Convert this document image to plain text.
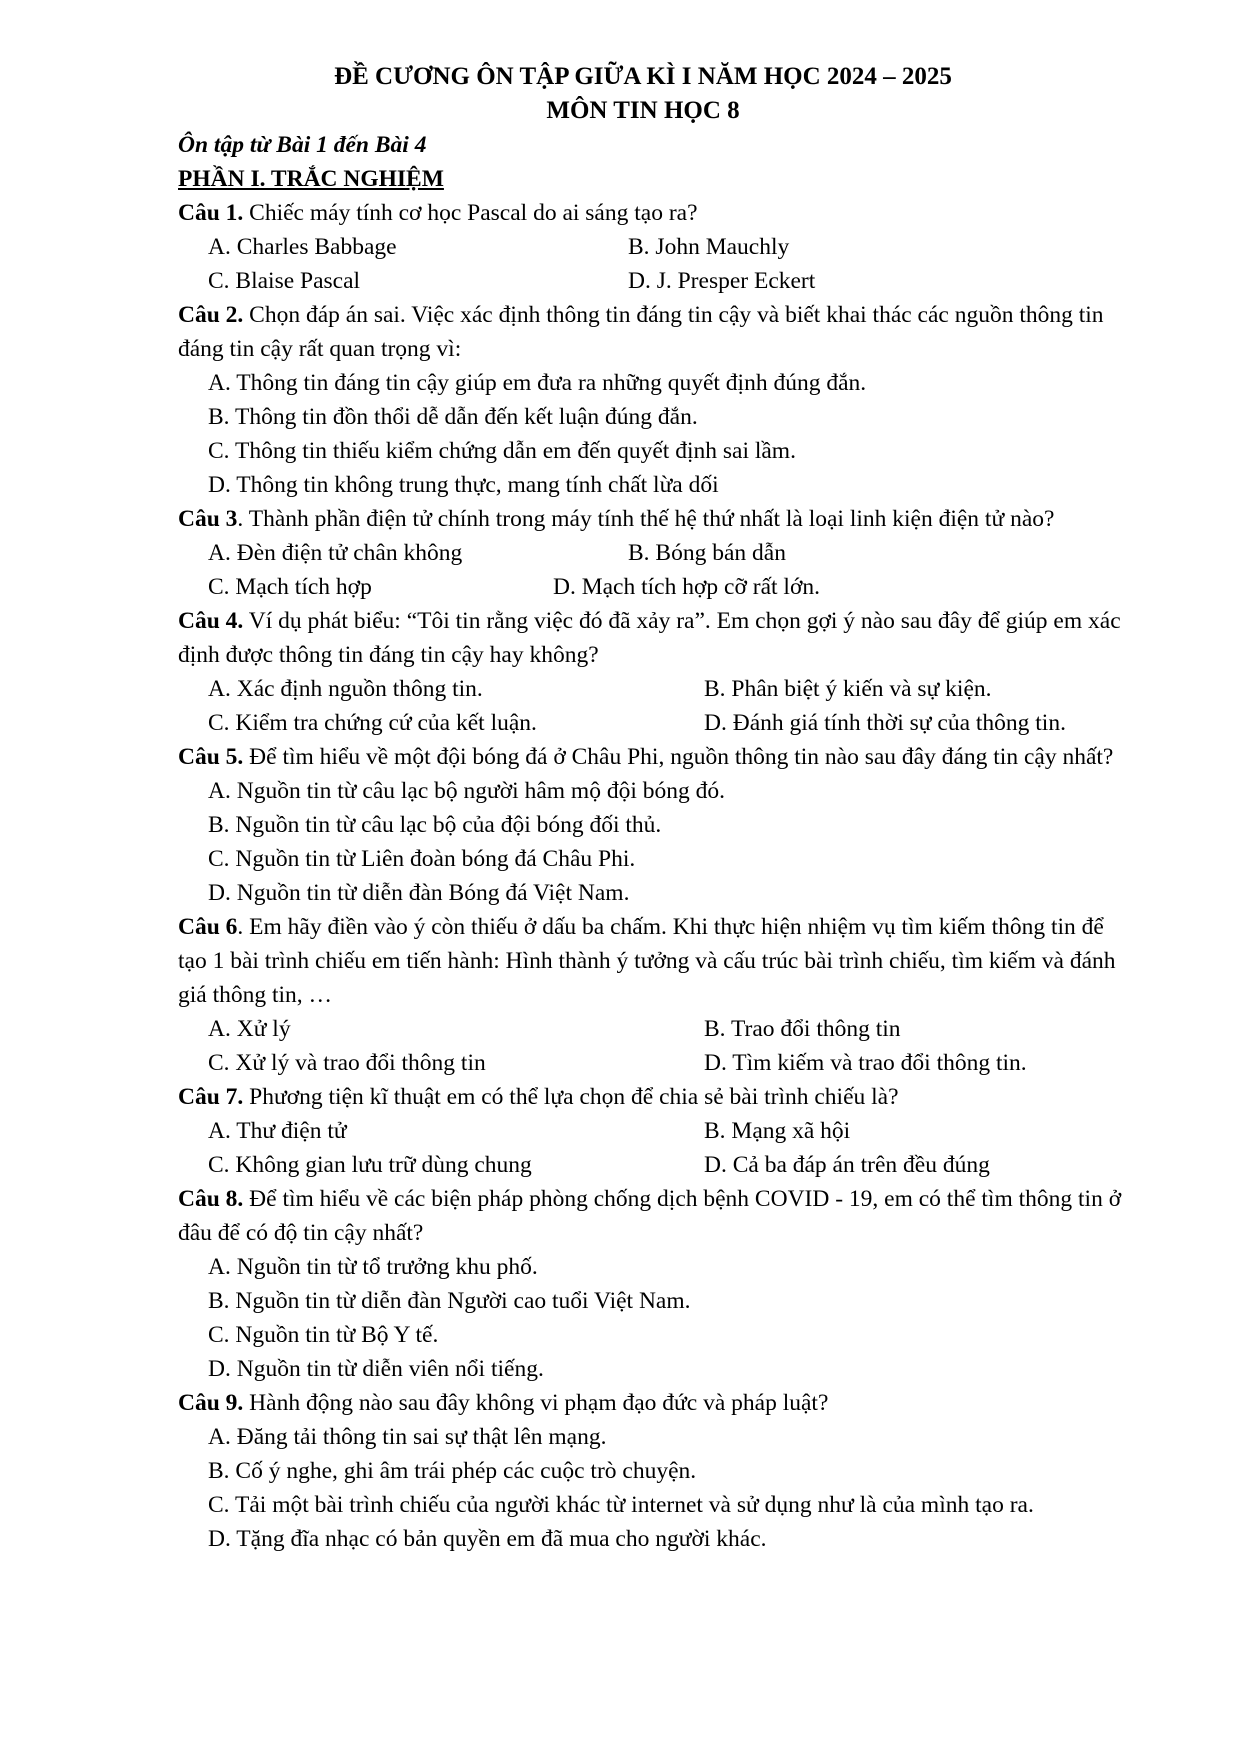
ĐỀ CƯƠNG ÔN TẬP GIỮA KÌ I NĂM HỌC 2024 – 2025
MÔN TIN HỌC 8
Ôn tập từ Bài 1 đến Bài 4
PHẦN I. TRẮC NGHIỆM
Câu 1. Chiếc máy tính cơ học Pascal do ai sáng tạo ra?
A. Charles Babbage	B. John Mauchly
C. Blaise Pascal	D. J. Presper Eckert
Câu 2. Chọn đáp án sai. Việc xác định thông tin đáng tin cậy và biết khai thác các nguồn thông tin đáng tin cậy rất quan trọng vì:
A. Thông tin đáng tin cậy giúp em đưa ra những quyết định đúng đắn.
B. Thông tin đồn thổi dễ dẫn đến kết luận đúng đắn.
C. Thông tin thiếu kiểm chứng dẫn em đến quyết định sai lầm.
D. Thông tin không trung thực, mang tính chất lừa dối
Câu 3. Thành phần điện tử chính trong máy tính thế hệ thứ nhất là loại linh kiện điện tử nào?
A. Đèn điện tử chân không	B. Bóng bán dẫn
C. Mạch tích hợp	D. Mạch tích hợp cỡ rất lớn.
Câu 4. Ví dụ phát biểu: “Tôi tin rằng việc đó đã xảy ra”. Em chọn gợi ý nào sau đây để giúp em xác định được thông tin đáng tin cậy hay không?
A. Xác định nguồn thông tin.	B. Phân biệt ý kiến và sự kiện.
C. Kiểm tra chứng cứ của kết luận.	D. Đánh giá tính thời sự của thông tin.
Câu 5. Để tìm hiểu về một đội bóng đá ở Châu Phi, nguồn thông tin nào sau đây đáng tin cậy nhất?
A. Nguồn tin từ câu lạc bộ người hâm mộ đội bóng đó.
B. Nguồn tin từ câu lạc bộ của đội bóng đối thủ.
C. Nguồn tin từ Liên đoàn bóng đá Châu Phi.
D. Nguồn tin từ diễn đàn Bóng đá Việt Nam.
Câu 6. Em hãy điền vào ý còn thiếu ở dấu ba chấm. Khi thực hiện nhiệm vụ tìm kiếm thông tin để tạo 1 bài trình chiếu em tiến hành: Hình thành ý tưởng và cấu trúc bài trình chiếu, tìm kiếm và đánh giá thông tin, …
A. Xử lý	B. Trao đổi thông tin
C. Xử lý và trao đổi thông tin	D. Tìm kiếm và trao đổi thông tin.
Câu 7. Phương tiện kĩ thuật em có thể lựa chọn để chia sẻ bài trình chiếu là?
A. Thư điện tử	B. Mạng xã hội
C. Không gian lưu trữ dùng chung	D. Cả ba đáp án trên đều đúng
Câu 8. Để tìm hiểu về các biện pháp phòng chống dịch bệnh COVID - 19, em có thể tìm thông tin ở đâu để có độ tin cậy nhất?
A. Nguồn tin từ tổ trưởng khu phố.
B. Nguồn tin từ diễn đàn Người cao tuổi Việt Nam.
C. Nguồn tin từ Bộ Y tế.
D. Nguồn tin từ diễn viên nổi tiếng.
Câu 9. Hành động nào sau đây không vi phạm đạo đức và pháp luật?
A. Đăng tải thông tin sai sự thật lên mạng.
B. Cố ý nghe, ghi âm trái phép các cuộc trò chuyện.
C. Tải một bài trình chiếu của người khác từ internet và sử dụng như là của mình tạo ra.
D. Tặng đĩa nhạc có bản quyền em đã mua cho người khác.
